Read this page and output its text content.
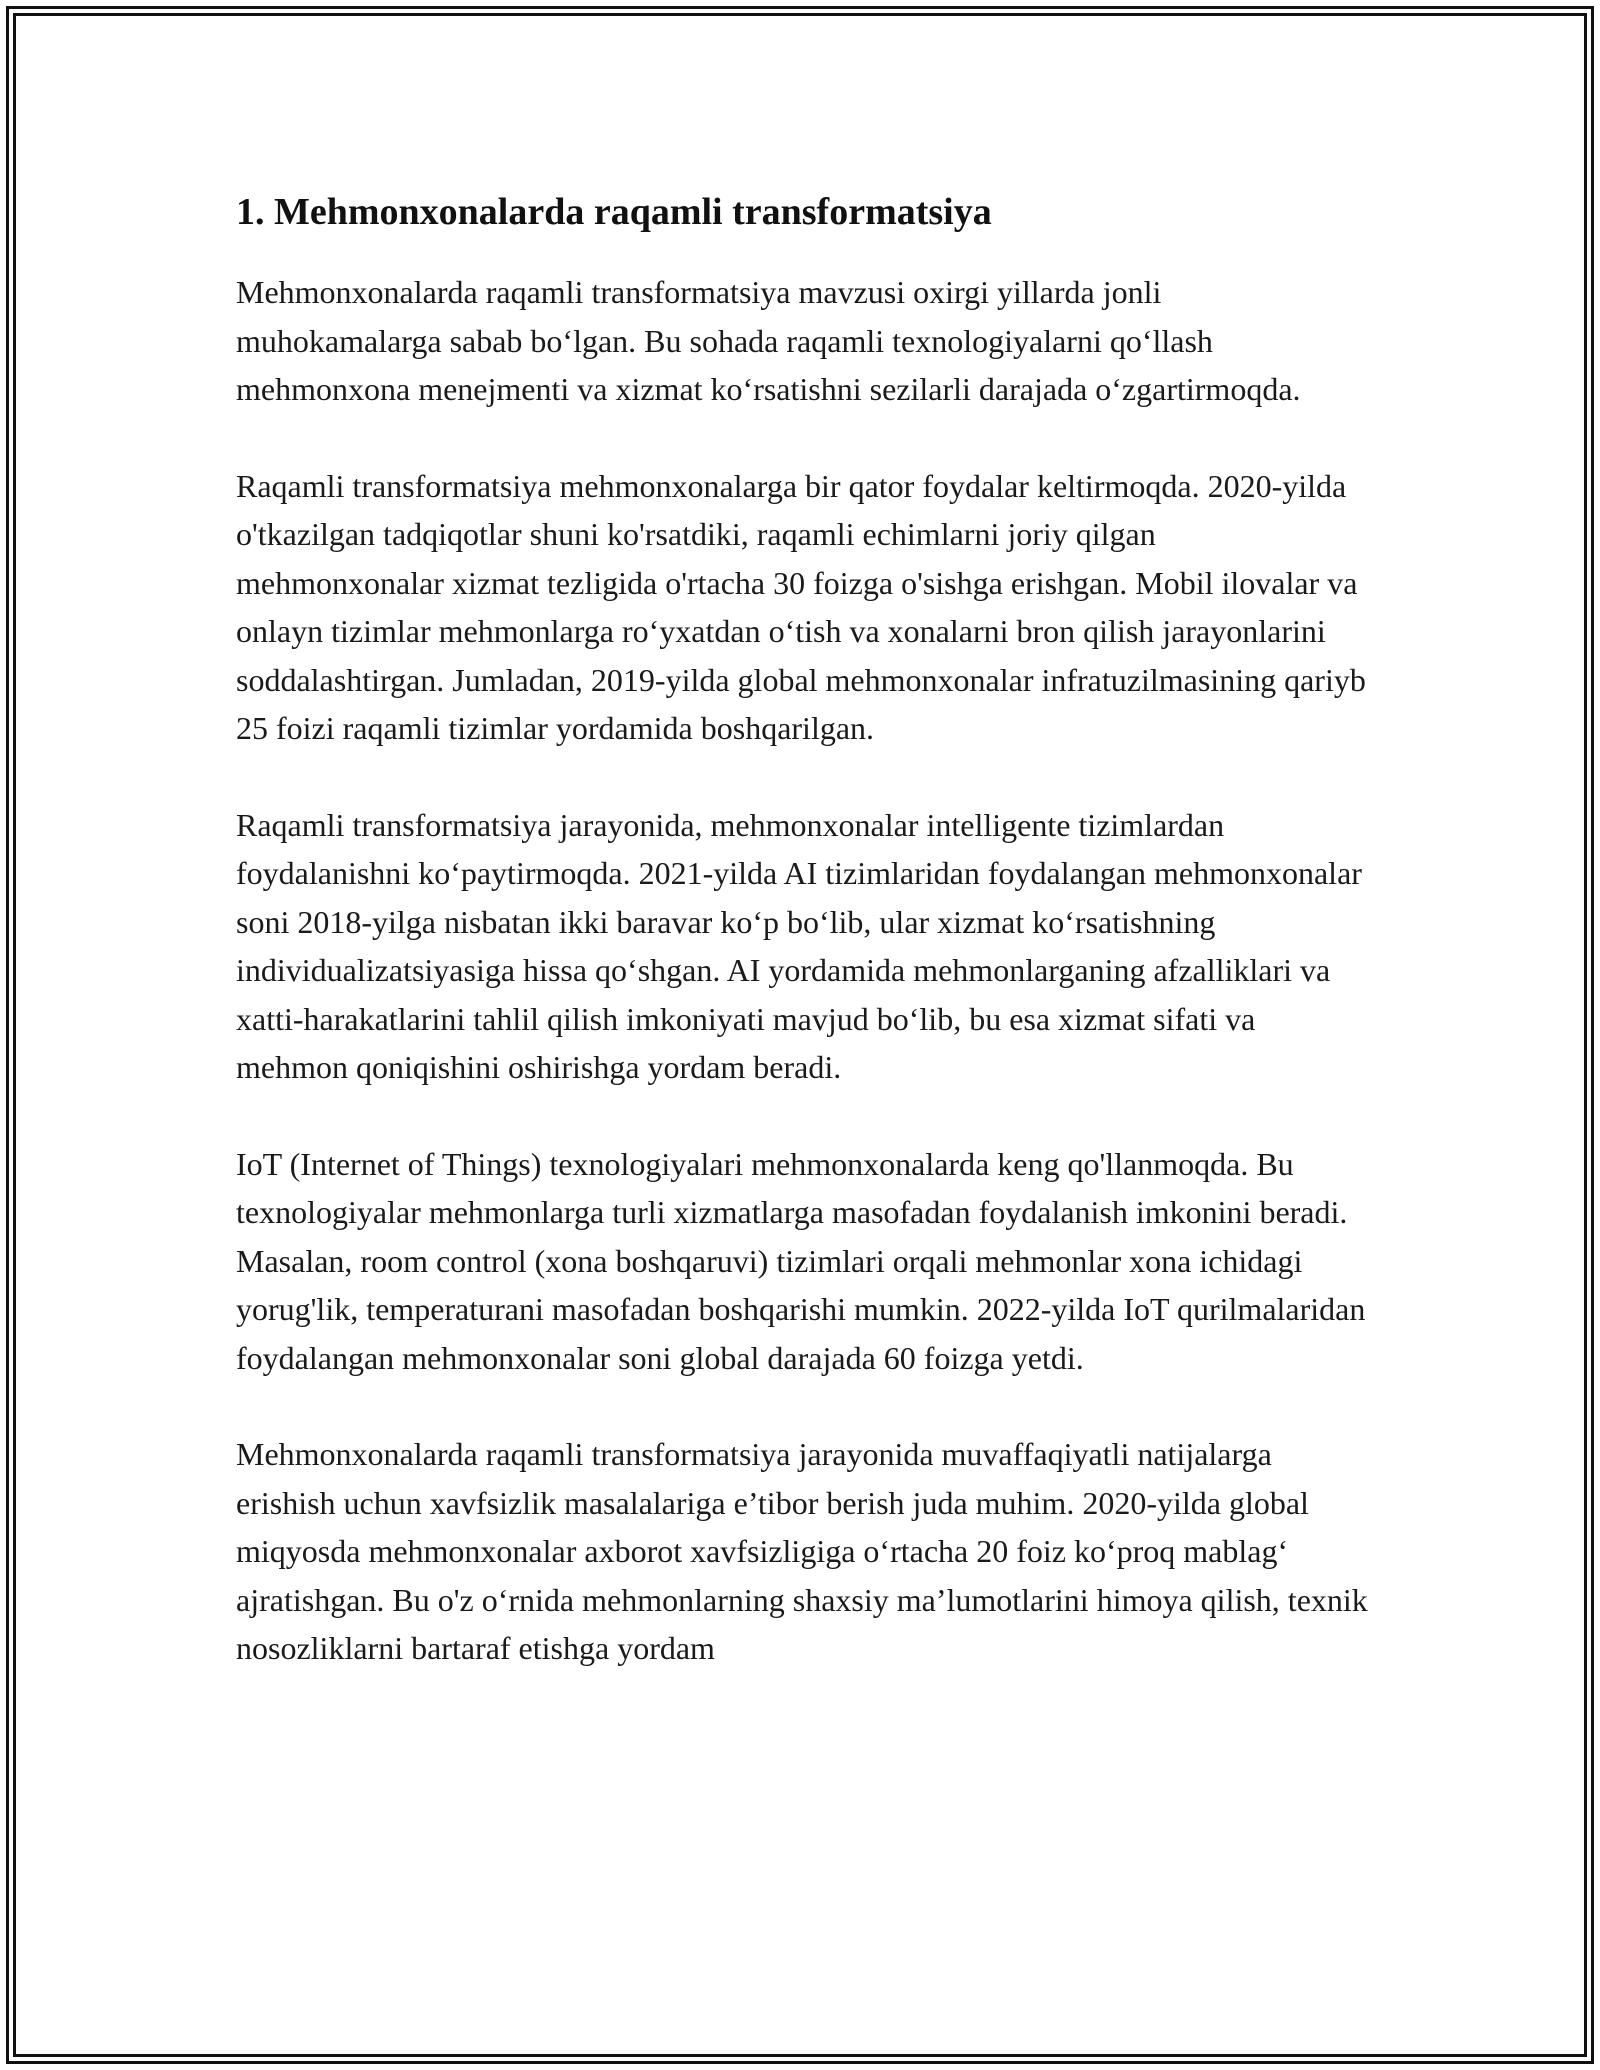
1. Mehmonxonalarda raqamli transformatsiya

Mehmonxonalarda raqamli transformatsiya mavzusi oxirgi yillarda jonli muhokamalarga sabab bo‘lgan. Bu sohada raqamli texnologiyalarni qo‘llash mehmonxona menejmenti va xizmat ko‘rsatishni sezilarli darajada o‘zgartirmoqda.

Raqamli transformatsiya mehmonxonalarga bir qator foydalar keltirmoqda. 2020-yilda o'tkazilgan tadqiqotlar shuni ko'rsatdiki, raqamli echimlarni joriy qilgan mehmonxonalar xizmat tezligida o'rtacha 30 foizga o'sishga erishgan. Mobil ilovalar va onlayn tizimlar mehmonlarga ro‘yxatdan o‘tish va xonalarni bron qilish jarayonlarini soddalashtirgan. Jumladan, 2019-yilda global mehmonxonalar infratuzilmasining qariyb 25 foizi raqamli tizimlar yordamida boshqarilgan.

Raqamli transformatsiya jarayonida, mehmonxonalar intelligente tizimlardan foydalanishni ko‘paytirmoqda. 2021-yilda AI tizimlaridan foydalangan mehmonxonalar soni 2018-yilga nisbatan ikki baravar ko‘p bo‘lib, ular xizmat ko‘rsatishning individualizatsiyasiga hissa qo‘shgan. AI yordamida mehmonlarganing afzalliklari va xatti-harakatlarini tahlil qilish imkoniyati mavjud bo‘lib, bu esa xizmat sifati va mehmon qoniqishini oshirishga yordam beradi.

IoT (Internet of Things) texnologiyalari mehmonxonalarda keng qo'llanmoqda. Bu texnologiyalar mehmonlarga turli xizmatlarga masofadan foydalanish imkonini beradi. Masalan, room control (xona boshqaruvi) tizimlari orqali mehmonlar xona ichidagi yorug'lik, temperaturani masofadan boshqarishi mumkin. 2022-yilda IoT qurilmalaridan foydalangan mehmonxonalar soni global darajada 60 foizga yetdi.

Mehmonxonalarda raqamli transformatsiya jarayonida muvaffaqiyatli natijalarga erishish uchun xavfsizlik masalalariga e’tibor berish juda muhim. 2020-yilda global miqyosda mehmonxonalar axborot xavfsizligiga o‘rtacha 20 foiz ko‘proq mablag‘ ajratishgan. Bu o'z o‘rnida mehmonlarning shaxsiy ma’lumotlarini himoya qilish, texnik nosozliklarni bartaraf etishga yordam
